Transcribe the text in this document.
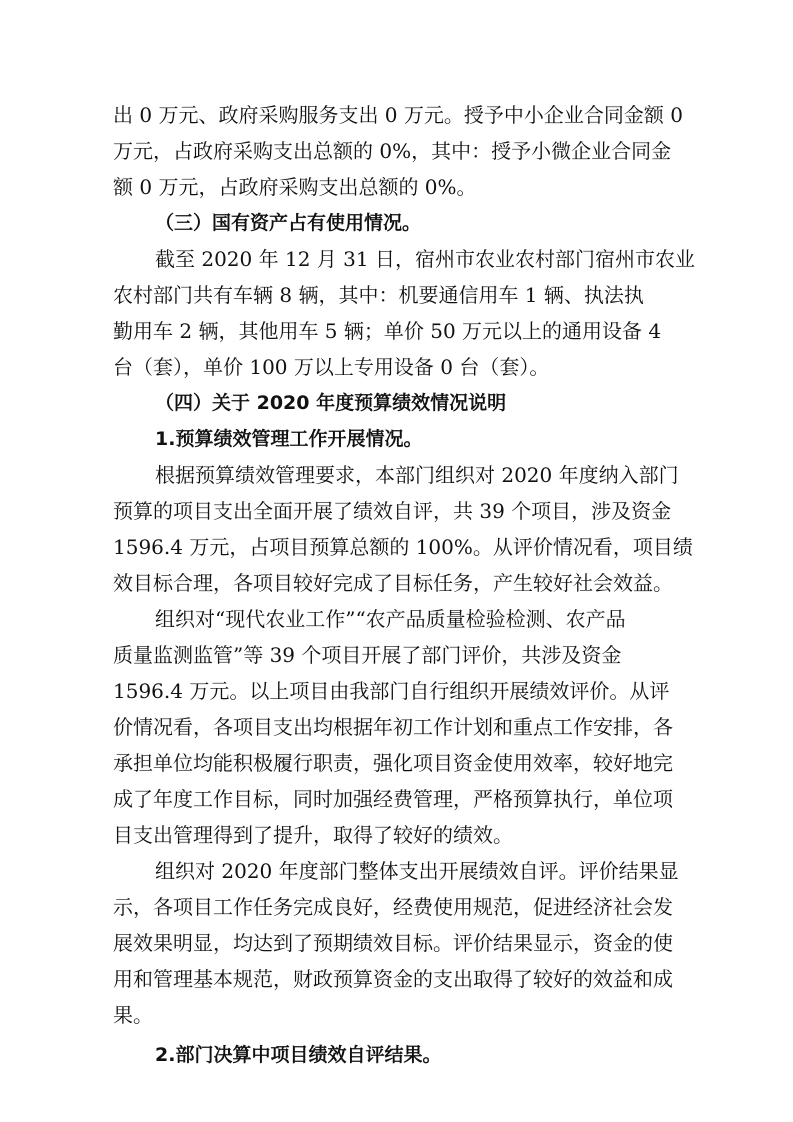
出 0 万元、政府采购服务支出 0 万元。授予中小企业合同金额 0
万元，占政府采购支出总额的 0%，其中：授予小微企业合同金
额 0 万元，占政府采购支出总额的 0%。
（三）国有资产占有使用情况。
截至 2020 年 12 月 31 日，宿州市农业农村部门宿州市农业
农村部门共有车辆 8 辆，其中：机要通信用车 1 辆、执法执
勤用车 2 辆，其他用车 5 辆；单价 50 万元以上的通用设备 4
台（套），单价 100 万以上专用设备 0 台（套）。
（四）关于 2020 年度预算绩效情况说明
1.预算绩效管理工作开展情况。
根据预算绩效管理要求，本部门组织对 2020 年度纳入部门
预算的项目支出全面开展了绩效自评，共 39 个项目，涉及资金
1596.4 万元，占项目预算总额的 100%。从评价情况看，项目绩
效目标合理，各项目较好完成了目标任务，产生较好社会效益。
组织对“现代农业工作”“农产品质量检验检测、农产品
质量监测监管”等 39 个项目开展了部门评价，共涉及资金
1596.4 万元。以上项目由我部门自行组织开展绩效评价。从评
价情况看，各项目支出均根据年初工作计划和重点工作安排，各
承担单位均能积极履行职责，强化项目资金使用效率，较好地完
成了年度工作目标，同时加强经费管理，严格预算执行，单位项
目支出管理得到了提升，取得了较好的绩效。
组织对 2020 年度部门整体支出开展绩效自评。评价结果显
示，各项目工作任务完成良好，经费使用规范，促进经济社会发
展效果明显，均达到了预期绩效目标。评价结果显示，资金的使
用和管理基本规范，财政预算资金的支出取得了较好的效益和成
果。
2.部门决算中项目绩效自评结果。
